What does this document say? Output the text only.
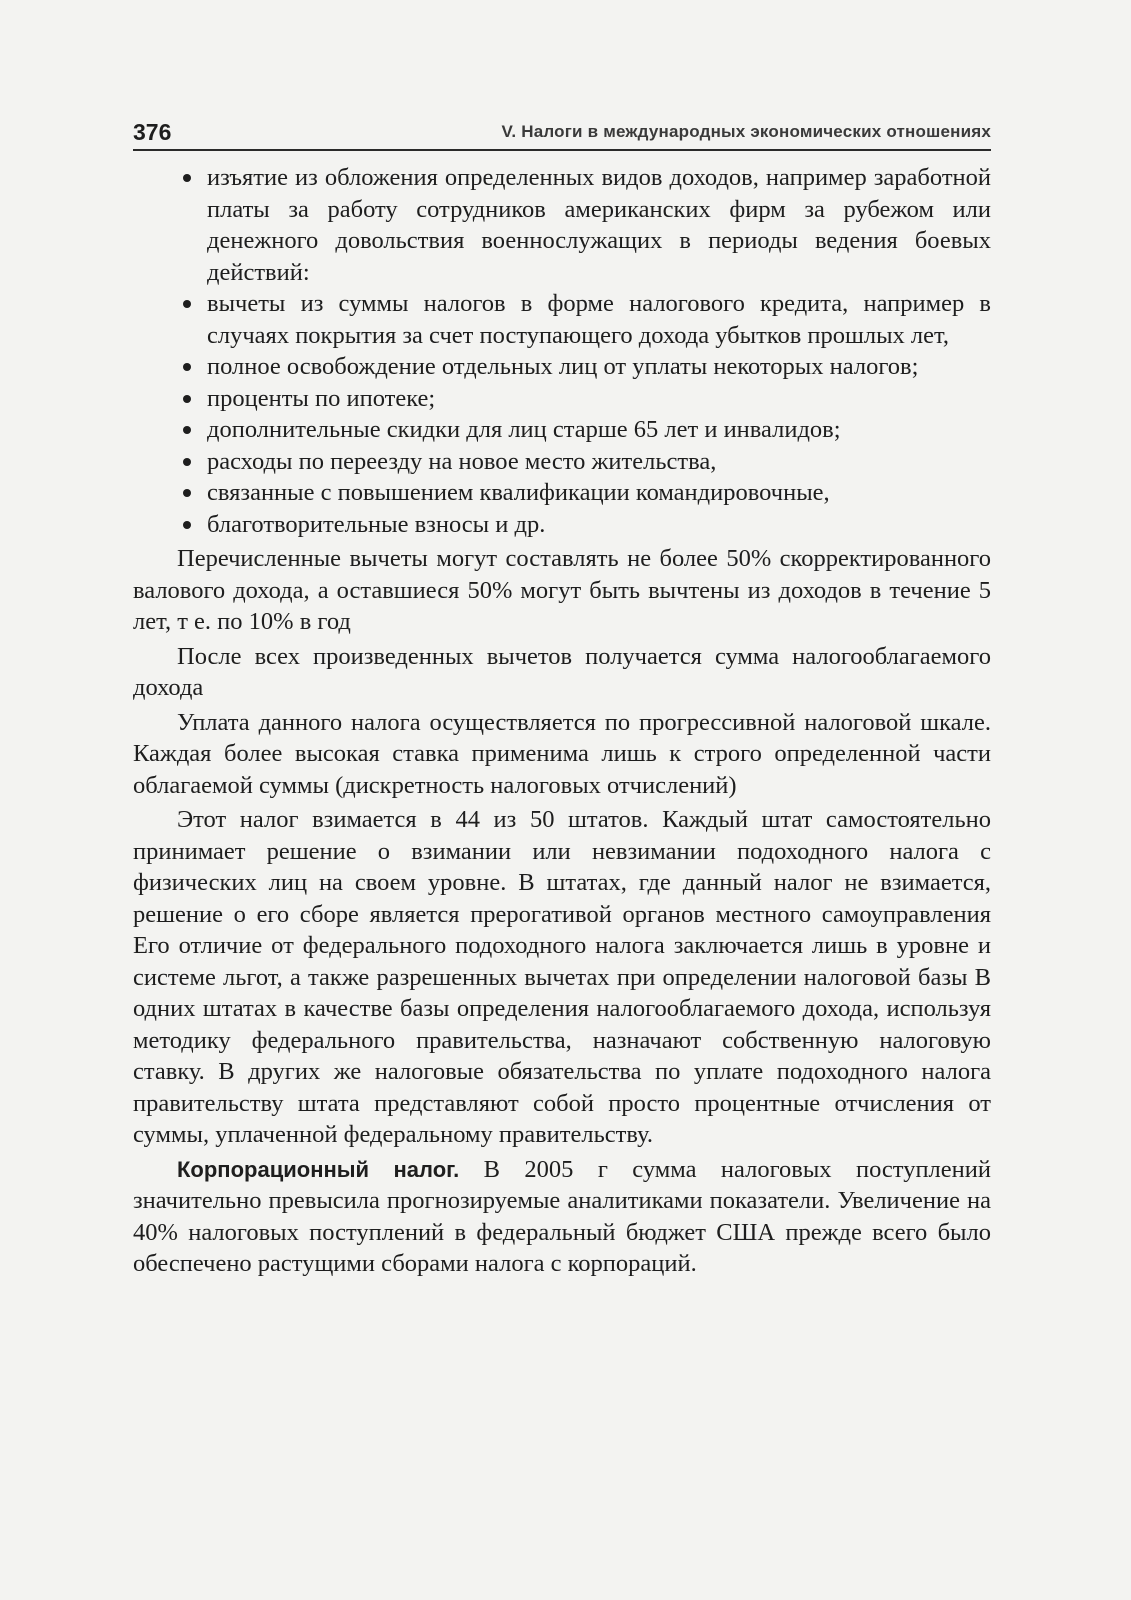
376	V. Налоги в международных экономических отношениях
изъятие из обложения определенных видов доходов, например заработной платы за работу сотрудников американских фирм за рубежом или денежного довольствия военнослужащих в периоды ведения боевых действий:
вычеты из суммы налогов в форме налогового кредита, например в случаях покрытия за счет поступающего дохода убытков прошлых лет,
полное освобождение отдельных лиц от уплаты некоторых налогов;
проценты по ипотеке;
дополнительные скидки для лиц старше 65 лет и инвалидов;
расходы по переезду на новое место жительства,
связанные с повышением квалификации командировочные,
благотворительные взносы и др.

Перечисленные вычеты могут составлять не более 50% скорректированного валового дохода, а оставшиеся 50% могут быть вычтены из доходов в течение 5 лет, т е. по 10% в год

После всех произведенных вычетов получается сумма налогооблагаемого дохода

Уплата данного налога осуществляется по прогрессивной налоговой шкале. Каждая более высокая ставка применима лишь к строго определенной части облагаемой суммы (дискретность налоговых отчислений)

Этот налог взимается в 44 из 50 штатов. Каждый штат самостоятельно принимает решение о взимании или невзимании подоходного налога с физических лиц на своем уровне. В штатах, где данный налог не взимается, решение о его сборе является прерогативой органов местного самоуправления Его отличие от федерального подоходного налога заключается лишь в уровне и системе льгот, а также разрешенных вычетах при определении налоговой базы В одних штатах в качестве базы определения налогооблагаемого дохода, используя методику федерального правительства, назначают собственную налоговую ставку. В других же налоговые обязательства по уплате подоходного налога правительству штата представляют собой просто процентные отчисления от суммы, уплаченной федеральному правительству.

Корпорационный налог. В 2005 г сумма налоговых поступлений значительно превысила прогнозируемые аналитиками показатели. Увеличение на 40% налоговых поступлений в федеральный бюджет США прежде всего было обеспечено растущими сборами налога с корпораций.
